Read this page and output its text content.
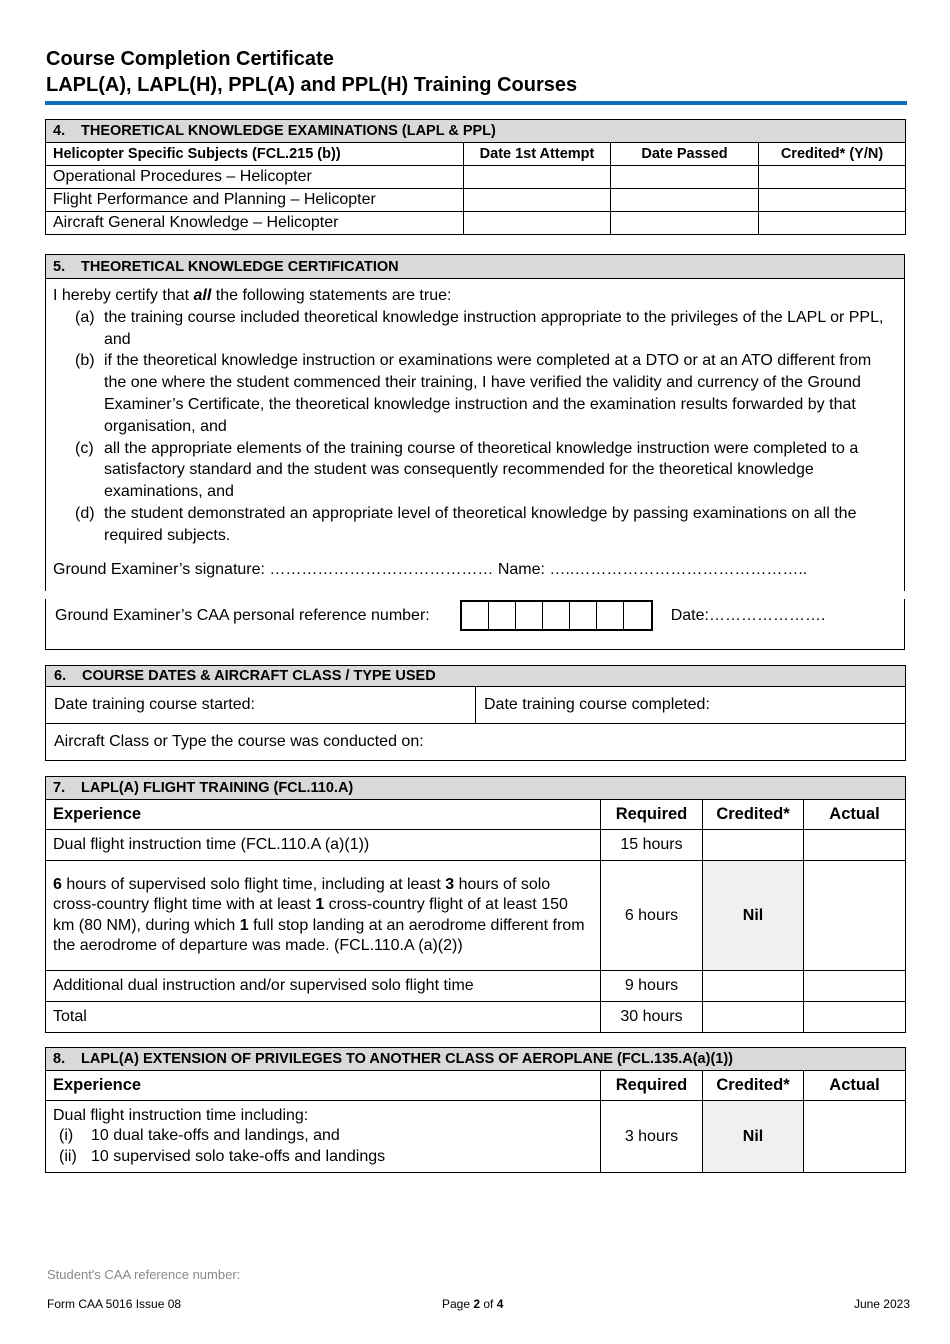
Course Completion Certificate
LAPL(A), LAPL(H), PPL(A) and PPL(H) Training Courses
4. THEORETICAL KNOWLEDGE EXAMINATIONS (LAPL & PPL)			
Helicopter Specific Subjects (FCL.215 (b))	Date 1st Attempt	Date Passed	Credited* (Y/N)
Operational Procedures – Helicopter			
Flight Performance and Planning – Helicopter			
Aircraft General Knowledge – Helicopter			
5. THEORETICAL KNOWLEDGE CERTIFICATION
I hereby certify that all the following statements are true:
(a) the training course included theoretical knowledge instruction appropriate to the privileges of the LAPL or PPL, and
(b) if the theoretical knowledge instruction or examinations were completed at a DTO or at an ATO different from the one where the student commenced their training, I have verified the validity and currency of the Ground Examiner’s Certificate, the theoretical knowledge instruction and the examination results forwarded by that organisation, and
(c) all the appropriate elements of the training course of theoretical knowledge instruction were completed to a satisfactory standard and the student was consequently recommended for the theoretical knowledge examinations, and
(d) the student demonstrated an appropriate level of theoretical knowledge by passing examinations on all the required subjects.
Ground Examiner’s signature: …………………………………… Name: …..……………………………………..
Ground Examiner’s CAA personal reference number:	Date:………………….
6. COURSE DATES & AIRCRAFT CLASS / TYPE USED
Date training course started:	Date training course completed:
Aircraft Class or Type the course was conducted on:
7. LAPL(A) FLIGHT TRAINING (FCL.110.A)			
Experience	Required	Credited*	Actual
Dual flight instruction time (FCL.110.A (a)(1))	15 hours		
6 hours of supervised solo flight time, including at least 3 hours of solo cross-country flight time with at least 1 cross-country flight of at least 150 km (80 NM), during which 1 full stop landing at an aerodrome different from the aerodrome of departure was made. (FCL.110.A (a)(2))	6 hours	Nil	
Additional dual instruction and/or supervised solo flight time	9 hours		
Total	30 hours		
8. LAPL(A) EXTENSION OF PRIVILEGES TO ANOTHER CLASS OF AEROPLANE (FCL.135.A(a)(1))			
Experience	Required	Credited*	Actual

Dual flight instruction time including:
(i) 10 dual take-offs and landings, and
(ii) 10 supervised solo take-offs and landings	3 hours	Nil	
Student's CAA reference number:
Form CAA 5016 Issue 08	Page 2 of 4	June 2023
